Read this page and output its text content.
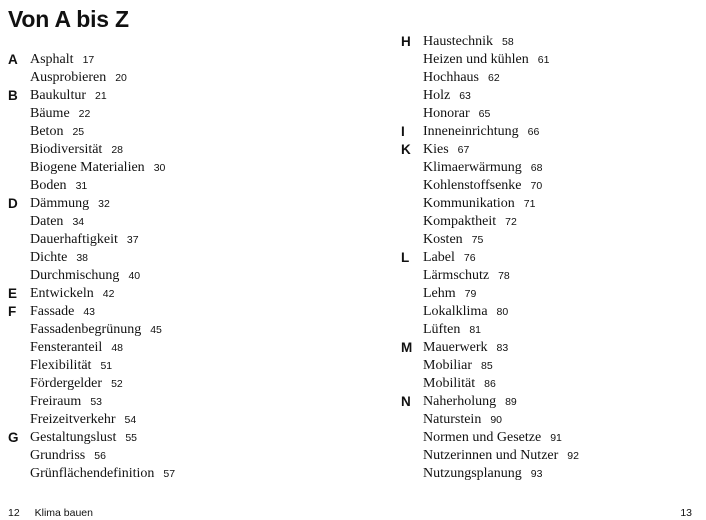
Von A bis Z
A Asphalt 17
Ausprobieren 20
B Baukultur 21
Bäume 22
Beton 25
Biodiversität 28
Biogene Materialien 30
Boden 31
D Dämmung 32
Daten 34
Dauerhaftigkeit 37
Dichte 38
Durchmischung 40
E Entwickeln 42
F Fassade 43
Fassadenbegrünung 45
Fensteranteil 48
Flexibilität 51
Fördergelder 52
Freiraum 53
Freizeitverkehr 54
G Gestaltungslust 55
Grundriss 56
Grünflächendefinition 57
H Haustechnik 58
Heizen und kühlen 61
Hochhaus 62
Holz 63
Honorar 65
I Inneneinrichtung 66
K Kies 67
Klimaerwärmung 68
Kohlenstoffsenke 70
Kommunikation 71
Kompaktheit 72
Kosten 75
L Label 76
Lärmschutz 78
Lehm 79
Lokalklima 80
Lüften 81
M Mauerwerk 83
Mobiliar 85
Mobilität 86
N Naherholung 89
Naturstein 90
Normen und Gesetze 91
Nutzerinnen und Nutzer 92
Nutzungsplanung 93
12 Klima bauen	13
